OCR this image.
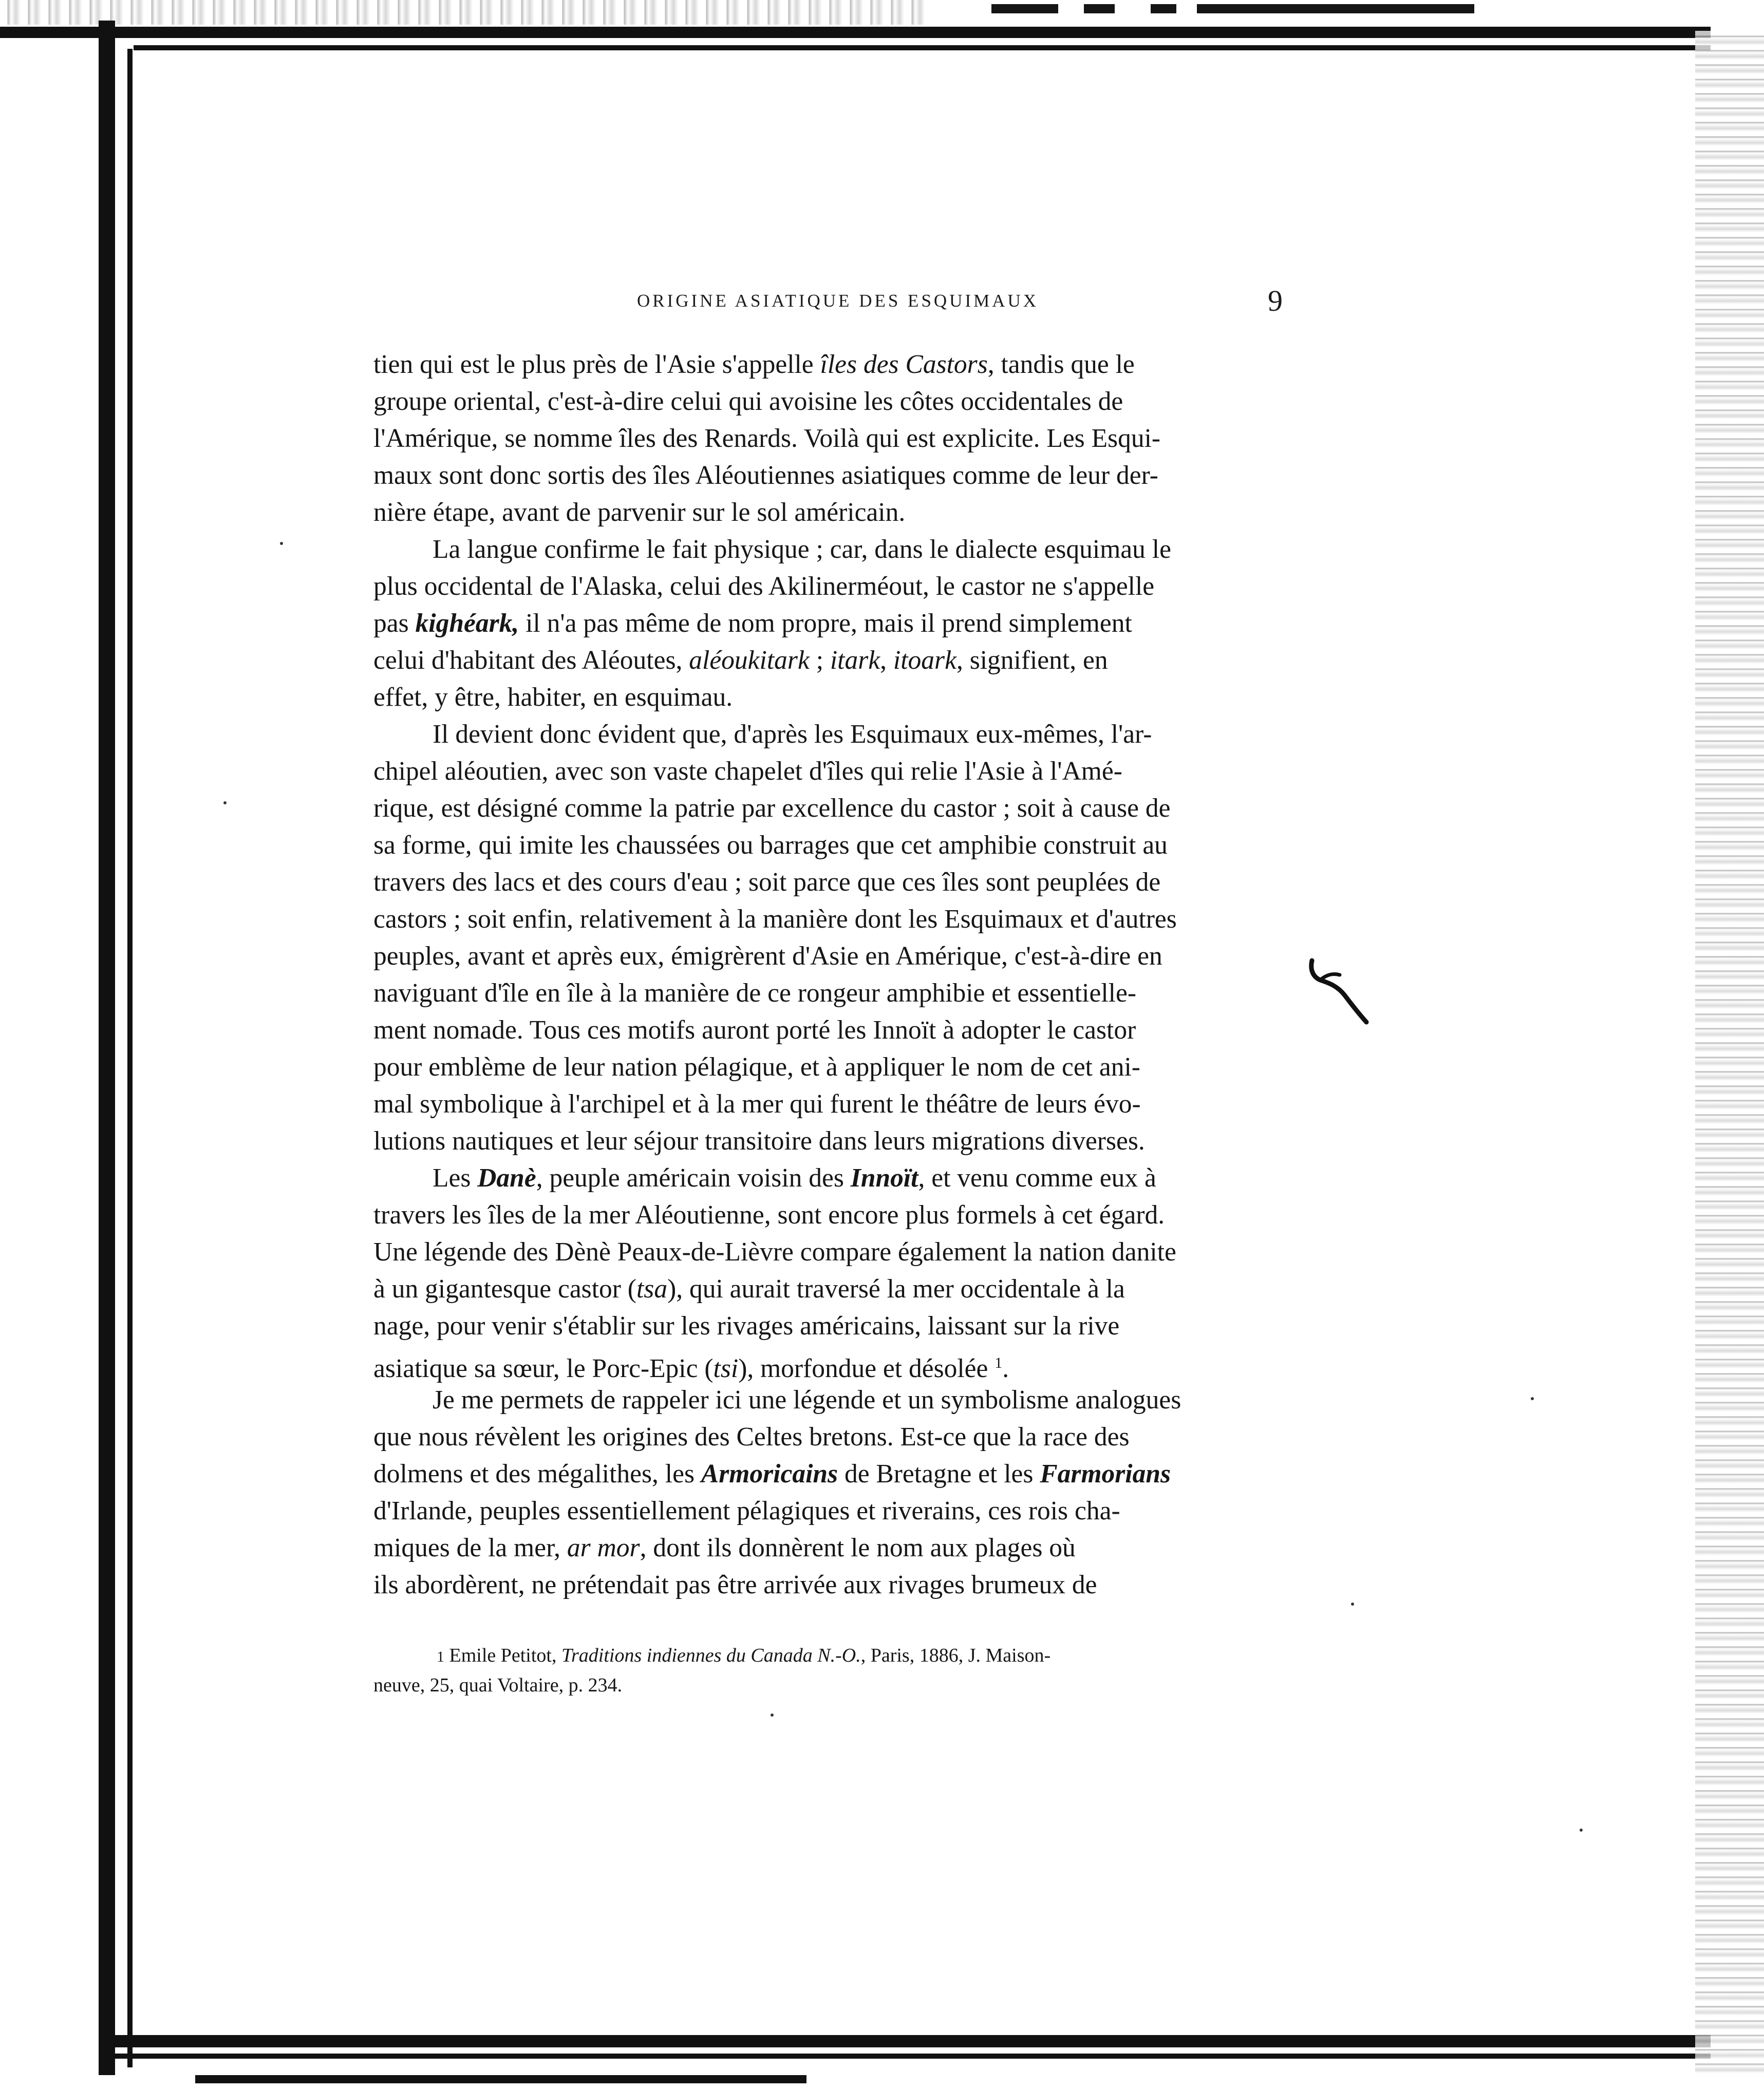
ORIGINE ASIATIQUE DES ESQUIMAUX	9
tien qui est le plus près de l'Asie s'appelle îles des Castors, tandis que le
groupe oriental, c'est-à-dire celui qui avoisine les côtes occidentales de
l'Amérique, se nomme îles des Renards. Voilà qui est explicite. Les Esqui-
maux sont donc sortis des îles Aléoutiennes asiatiques comme de leur der-
nière étape, avant de parvenir sur le sol américain.
La langue confirme le fait physique ; car, dans le dialecte esquimau le
plus occidental de l'Alaska, celui des Akilinerméout, le castor ne s'appelle
pas kighéark, il n'a pas même de nom propre, mais il prend simplement
celui d'habitant des Aléoutes, aléoukitark ; itark, itoark, signifient, en
effet, y être, habiter, en esquimau.
Il devient donc évident que, d'après les Esquimaux eux-mêmes, l'ar-
chipel aléoutien, avec son vaste chapelet d'îles qui relie l'Asie à l'Amé-
rique, est désigné comme la patrie par excellence du castor ; soit à cause de
sa forme, qui imite les chaussées ou barrages que cet amphibie construit au
travers des lacs et des cours d'eau ; soit parce que ces îles sont peuplées de
castors ; soit enfin, relativement à la manière dont les Esquimaux et d'autres
peuples, avant et après eux, émigrèrent d'Asie en Amérique, c'est-à-dire en
naviguant d'île en île à la manière de ce rongeur amphibie et essentielle-
ment nomade. Tous ces motifs auront porté les Innoït à adopter le castor
pour emblème de leur nation pélagique, et à appliquer le nom de cet ani-
mal symbolique à l'archipel et à la mer qui furent le théâtre de leurs évo-
lutions nautiques et leur séjour transitoire dans leurs migrations diverses.
Les Danè, peuple américain voisin des Innoït, et venu comme eux à
travers les îles de la mer Aléoutienne, sont encore plus formels à cet égard.
Une légende des Dènè Peaux-de-Lièvre compare également la nation danite
à un gigantesque castor (tsa), qui aurait traversé la mer occidentale à la
nage, pour venir s'établir sur les rivages américains, laissant sur la rive
asiatique sa sœur, le Porc-Epic (tsi), morfondue et désolée $^1$.
Je me permets de rappeler ici une légende et un symbolisme analogues
que nous révèlent les origines des Celtes bretons. Est-ce que la race des
dolmens et des mégalithes, les Armoricains de Bretagne et les Farmorians
d'Irlande, peuples essentiellement pélagiques et riverains, ces rois cha-
miques de la mer, ar mor, dont ils donnèrent le nom aux plages où
ils abordèrent, ne prétendait pas être arrivée aux rivages brumeux de
1 Emile Petitot, Traditions indiennes du Canada N.-O., Paris, 1886, J. Maison-
neuve, 25, quai Voltaire, p. 234.
